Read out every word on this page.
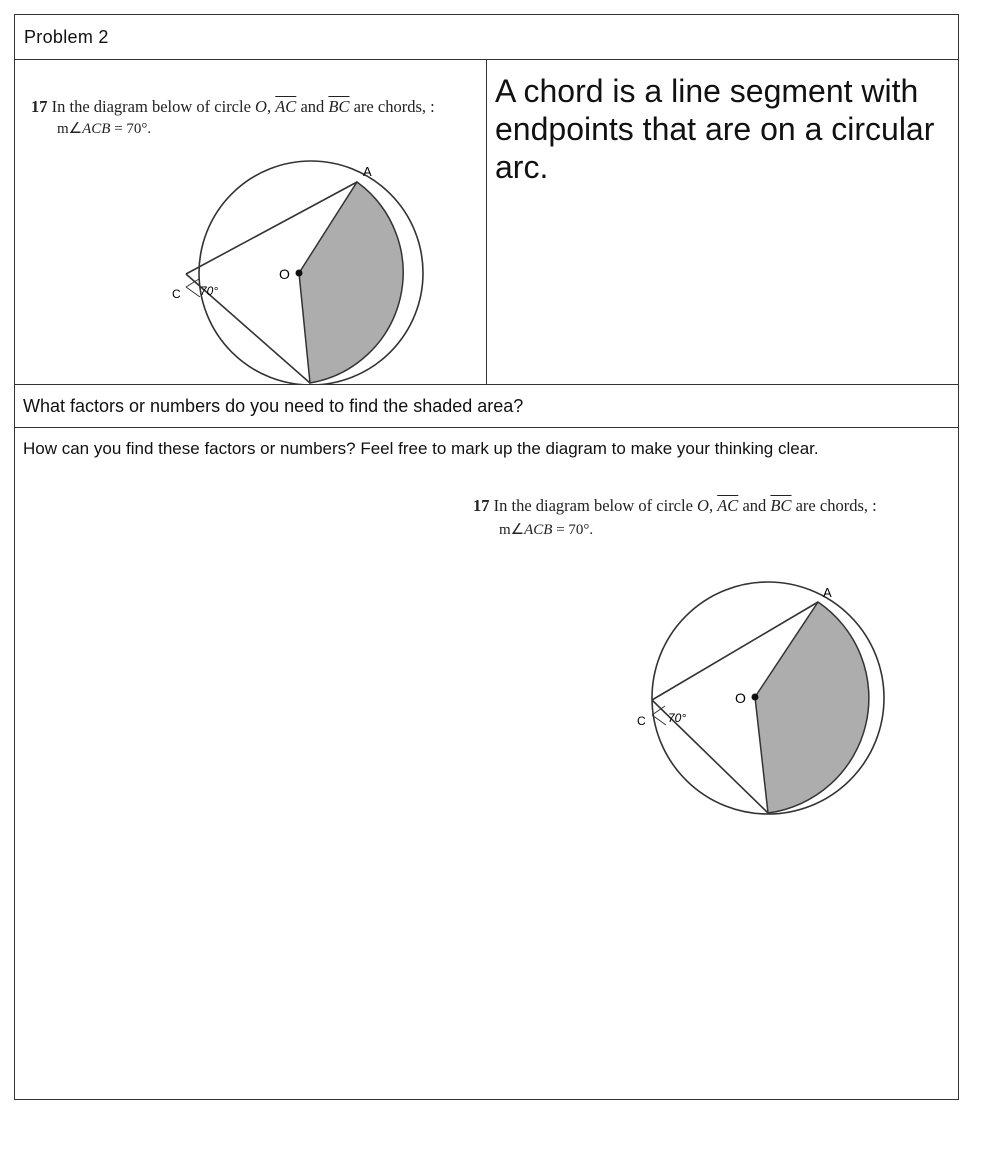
Problem 2
17 In the diagram below of circle O, $\overline{AC}$ and $\overline{BC}$ are chords, :
m∠ACB = 70°.
A
O
C 70°
A chord is a line segment with endpoints that are on a circular arc.
What factors or numbers do you need to find the shaded area?
How can you find these factors or numbers? Feel free to mark up the diagram to make your thinking clear.
17 In the diagram below of circle O, $\overline{AC}$ and $\overline{BC}$ are chords, :
m∠ACB = 70°.
A
O
C 70°
